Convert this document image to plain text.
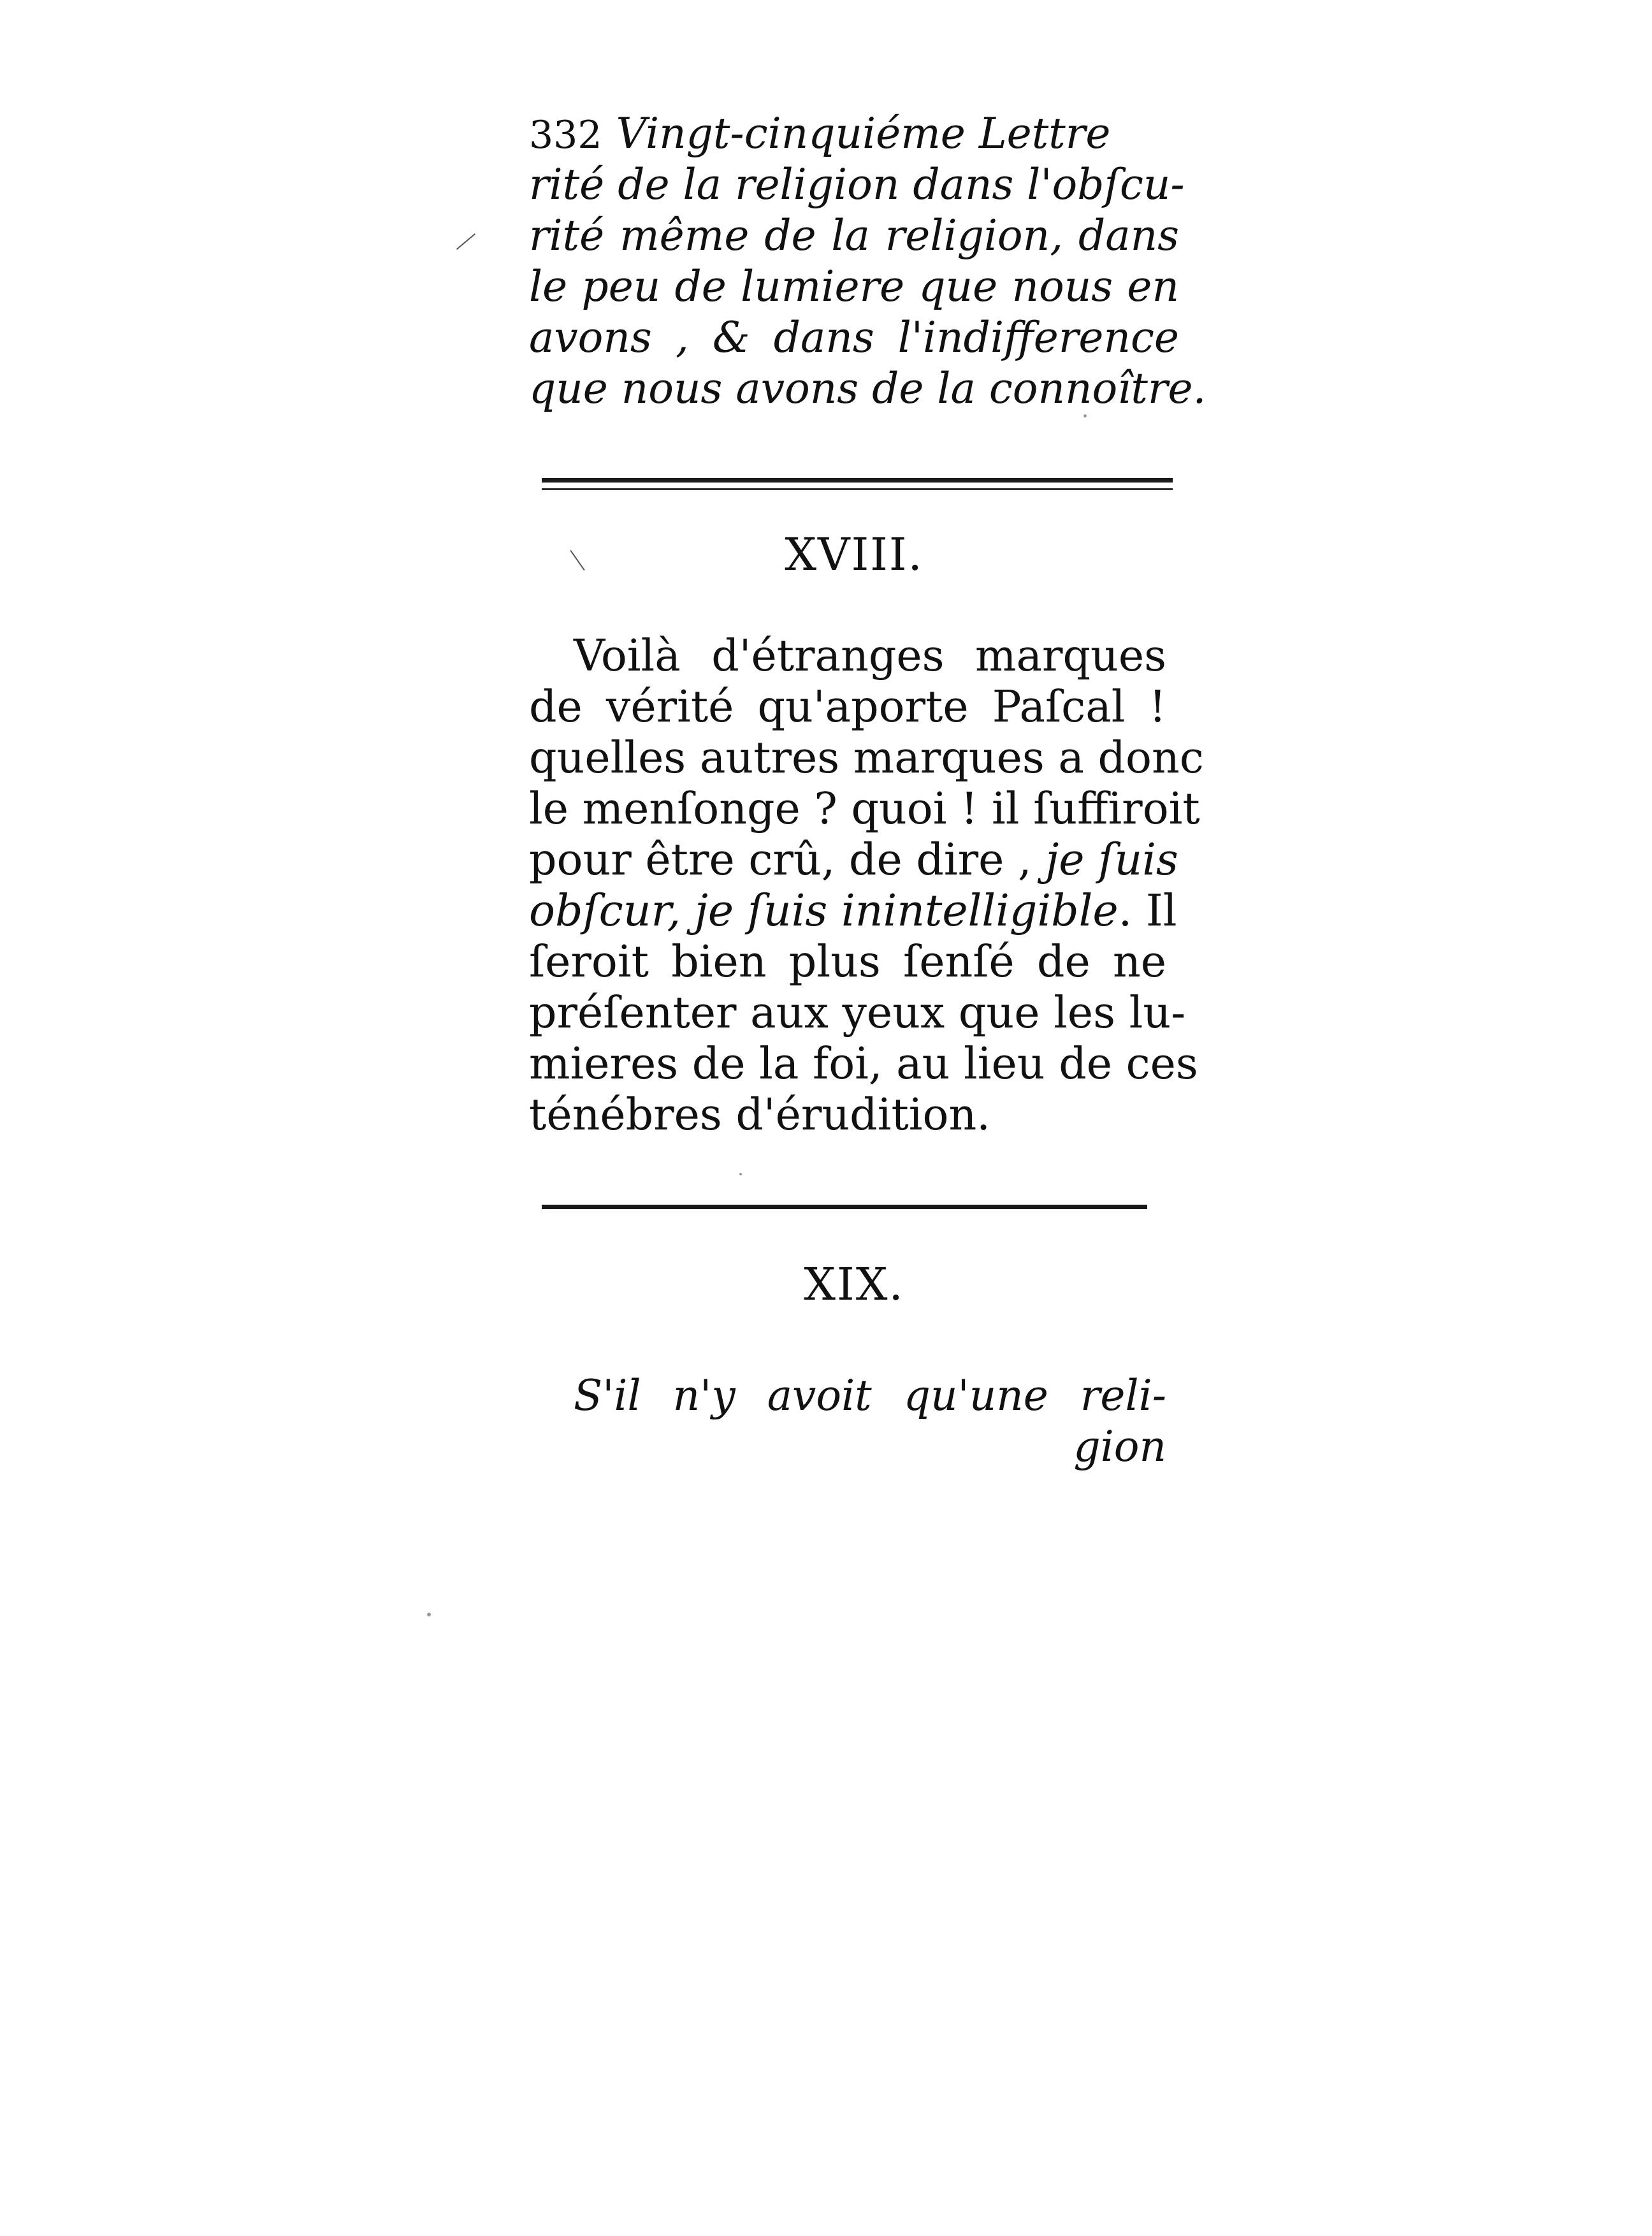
332 Vingt-cinquiéme Lettre
rité de la religion dans l'obſcu-
rité même de la religion, dans
le peu de lumiere que nous en
avons , & dans l'indifference
que nous avons de la connoître.
XVIII.
Voilà d'étranges marques
de vérité qu'aporte Paſcal !
quelles autres marques a donc
le menſonge ? quoi ! il ſuffiroit
pour être crû, de dire , je ſuis
obſcur, je ſuis inintelligible. Il
ſeroit bien plus ſenſé de ne
préſenter aux yeux que les lu-
mieres de la foi, au lieu de ces
ténébres d'érudition.
XIX.
S'il n'y avoit qu'une reli-
gion
